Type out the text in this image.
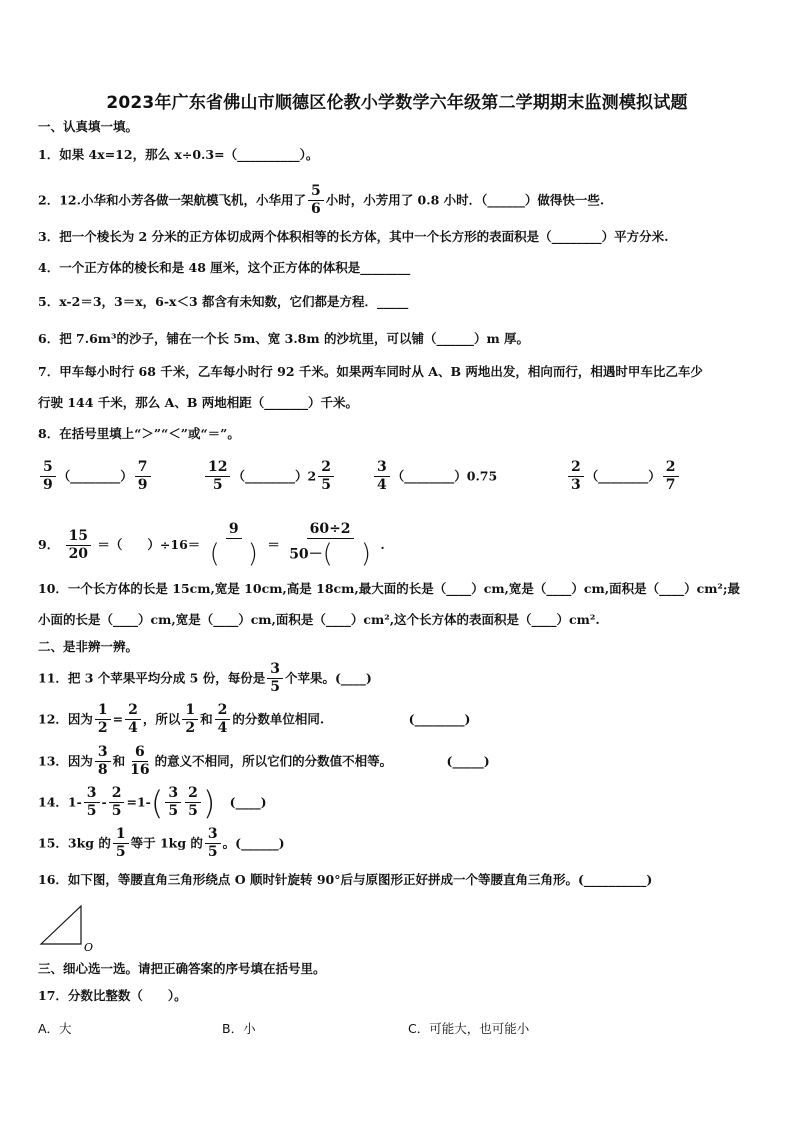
2023年广东省佛山市顺德区伦教小学数学六年级第二学期期末监测模拟试题
一、认真填一填。
1．如果 4x=12，那么 x÷0.3=（__________）。
2．12.小华和小芳各做一架航模飞机，小华用了 $\frac{5}{6}$ 小时，小芳用了 0.8 小时．（______）做得快一些.
3．把一个棱长为 2 分米的正方体切成两个体积相等的长方体，其中一个长方形的表面积是（________）平方分米.
4．一个正方体的棱长和是 48 厘米，这个正方体的体积是________
5．x-2＝3，3＝x，6-x＜3 都含有未知数，它们都是方程．_____
6．把 7.6m³的沙子，铺在一个长 5m、宽 3.8m 的沙坑里，可以铺（______）m 厚。
7．甲车每小时行 68 千米，乙车每小时行 92 千米。如果两车同时从 A、B 两地出发，相向而行，相遇时甲车比乙车少
行驶 144 千米，那么 A、B 两地相距（_______）千米。
8．在括号里填上“＞”“＜”或“＝”。
$\frac{5}{9}$ （________） $\frac{7}{9}$	$\frac{12}{5}$ （________）2 $\frac{2}{5}$	$\frac{3}{4}$ （________）0.75	$\frac{2}{3}$ （________） $\frac{2}{7}$
9． $\frac{15}{20}$ ＝（　　）$\div 16= \frac{9}{( )} = \frac{60\div 2}{50-( )}$ .
10．一个长方体的长是 15cm,宽是 10cm,高是 18cm,最大面的长是（____）cm,宽是（____）cm,面积是（____）cm²;最
小面的长是（____）cm,宽是（____）cm,面积是（____）cm²,这个长方体的表面积是（____）cm².
二、是非辨一辨。
11．把 3 个苹果平均分成 5 份，每份是 $\frac{3}{5}$ 个苹果。(____)
12．因为 $\frac{1}{2} = \frac{2}{4}$ ，所以 $\frac{1}{2}$ 和 $\frac{2}{4}$ 的分数单位相同.	(________)
13．因为 $\frac{3}{8}$ 和 $\frac{6}{16}$ 的意义不相同，所以它们的分数值不相等。	(_____)
14．$1- \frac{3}{5} - \frac{2}{5} =1-( \frac{3}{5} \frac{2}{5}$ ) (____)
15．3kg 的 $\frac{1}{5}$ 等于 1kg 的 $\frac{3}{5}$ 。(______)
16．如下图，等腰直角三角形绕点 O 顺时针旋转 90°后与原图形正好拼成一个等腰直角三角形。(__________)
O
三、细心选一选。请把正确答案的序号填在括号里。
17．分数比整数（　　）。
A．大	B．小	C．可能大，也可能小
